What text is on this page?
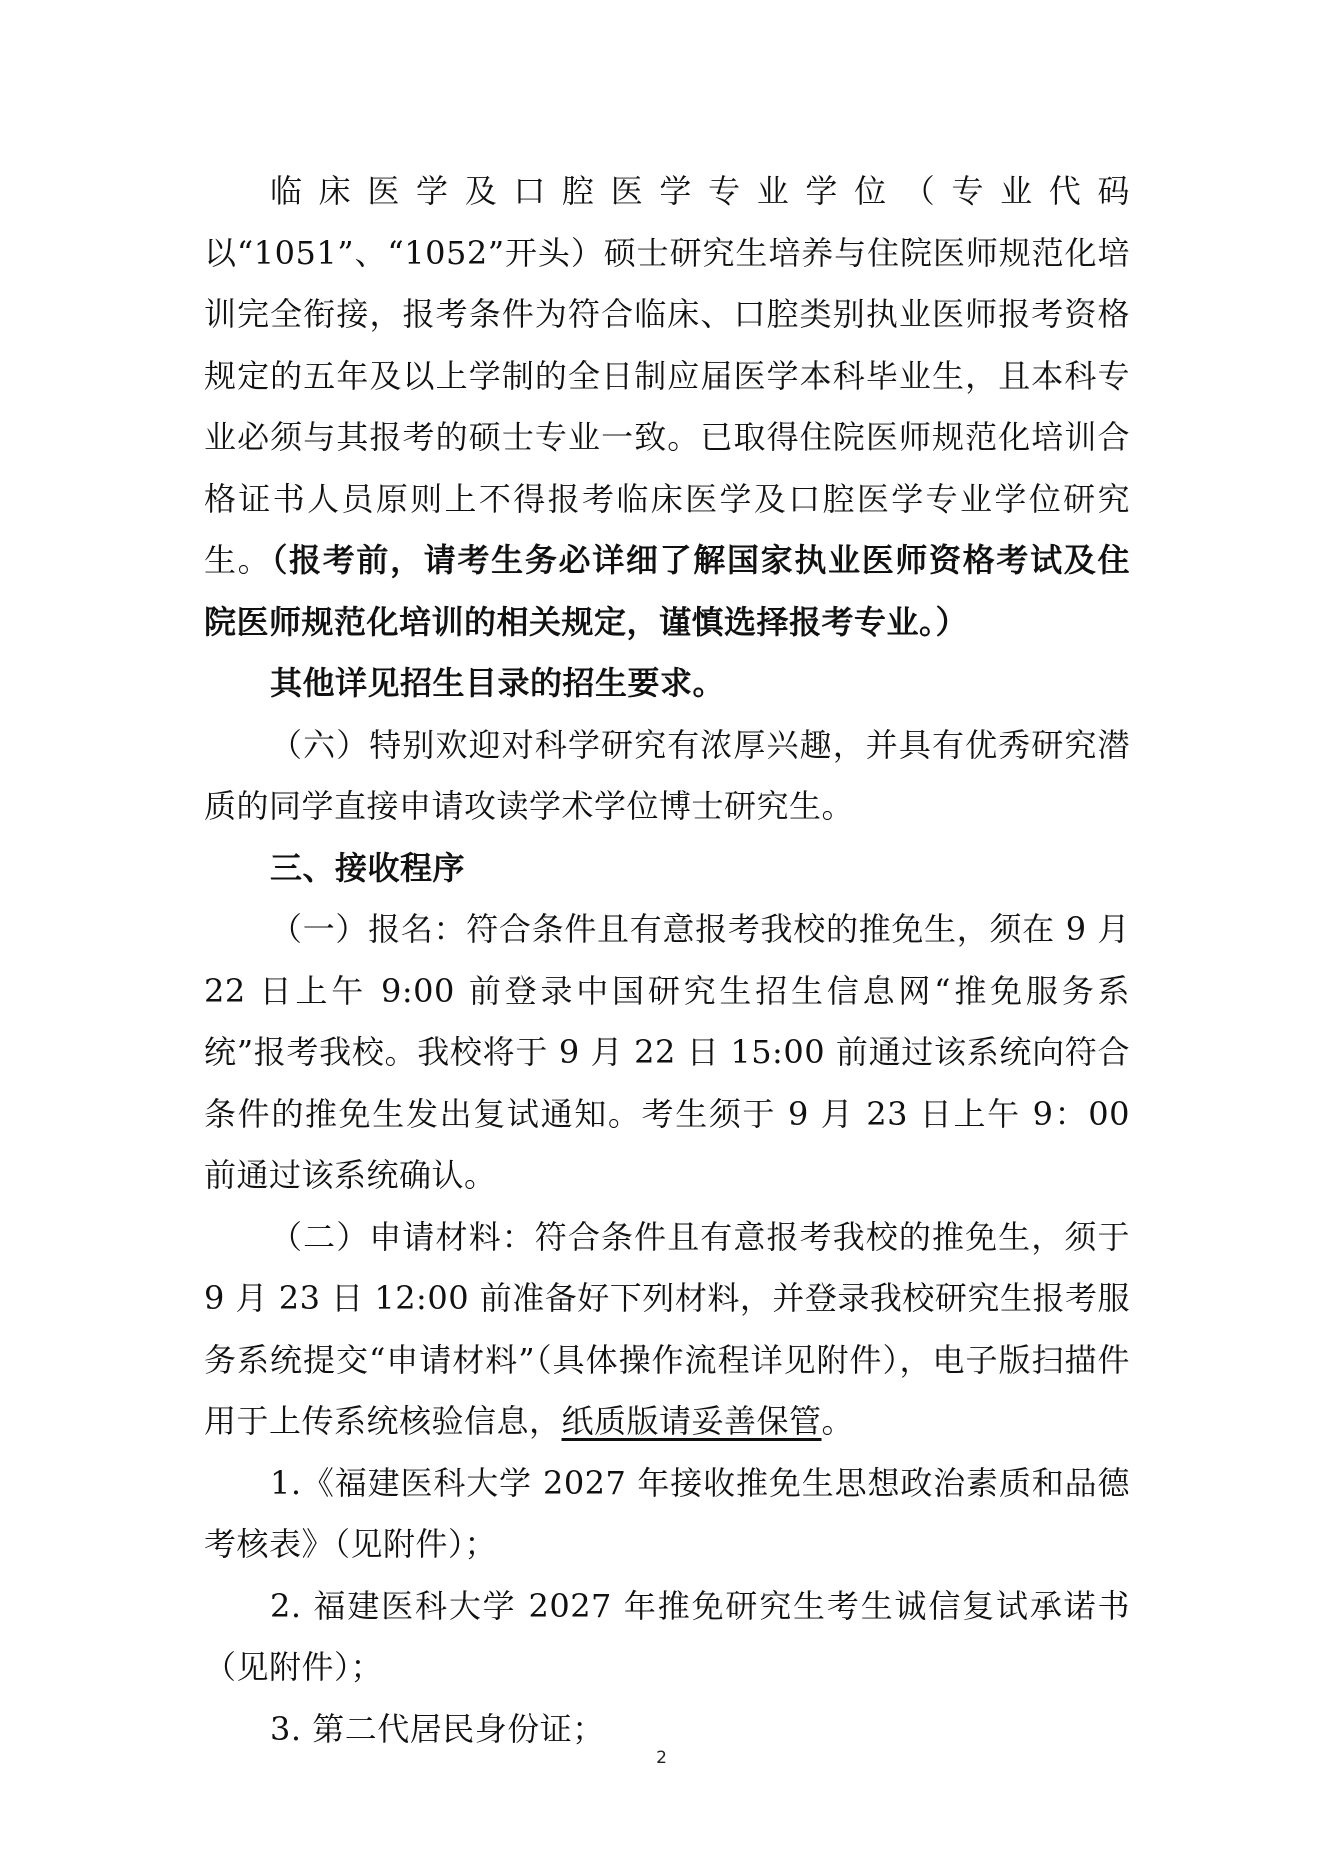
临床医学及口腔医学专业学位（专业代码以“1051”、“1052”开头）硕士研究生培养与住院医师规范化培训完全衔接，报考条件为符合临床、口腔类别执业医师报考资格规定的五年及以上学制的全日制应届医学本科毕业生，且本科专业必须与其报考的硕士专业一致。已取得住院医师规范化培训合格证书人员原则上不得报考临床医学及口腔医学专业学位研究生。（报考前，请考生务必详细了解国家执业医师资格考试及住院医师规范化培训的相关规定，谨慎选择报考专业。）

其他详见招生目录的招生要求。

（六）特别欢迎对科学研究有浓厚兴趣，并具有优秀研究潜质的同学直接申请攻读学术学位博士研究生。

三、接收程序

（一）报名：符合条件且有意报考我校的推免生，须在 9 月 22 日上午 9:00 前登录中国研究生招生信息网“推免服务系统”报考我校。我校将于 9 月 22 日 15:00 前通过该系统向符合条件的推免生发出复试通知。考生须于 9 月 23 日上午 9：00 前通过该系统确认。

（二）申请材料：符合条件且有意报考我校的推免生，须于 9 月 23 日 12:00 前准备好下列材料，并登录我校研究生报考服务系统提交“申请材料”（具体操作流程详见附件），电子版扫描件用于上传系统核验信息，纸质版请妥善保管。

1.《福建医科大学 2027 年接收推免生思想政治素质和品德考核表》（见附件）；

2. 福建医科大学 2027 年推免研究生考生诚信复试承诺书（见附件）；

3. 第二代居民身份证；

2
